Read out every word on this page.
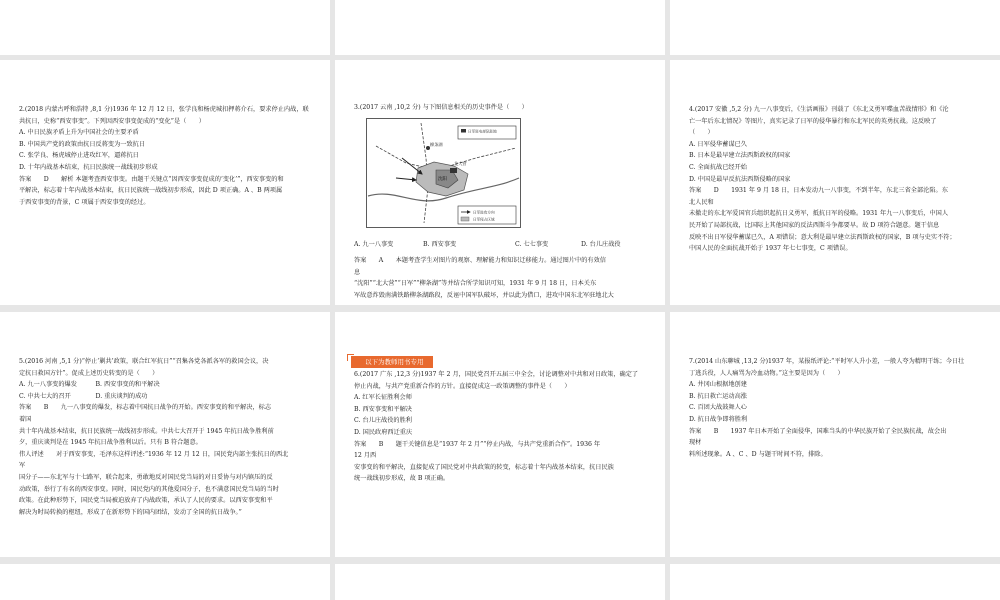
2.(2018 内蒙古呼和浩特 ,8,1 分)1936 年 12 月 12 日，张学良和杨虎城扣押蒋介石，要求停止内战，联
共抗日，史称“西安事变”。下列因西安事变促成的“变化”是（　　）
A. 中日民族矛盾上升为中国社会的主要矛盾
B. 中国共产党的政策由抗日反蒋变为一致抗日
C. 张学良、杨虎城停止进攻红军，逼蒋抗日
D. 十年内战基本结束，抗日民族统一战线初步形成
答案　　D　　解析 本题考查西安事变。由题干关键点“因西安事变促成的‘变化’”，西安事变的和
平解决，标志着十年内战基本结束，抗日民族统一战线初步形成，因此 D 项正确。A 、B 两项属
于西安事变的背景，C 项属于西安事变的经过。
3.(2017 云南 ,10,2 分) 与下图信息相关的历史事件是（　　）
北大营
柳条湖
沈阳
日军驻屯部队驻地
日军进攻方向
日军侵占区域
A. 九一八事变	B. 西安事变	C. 七七事变	D. 台儿庄战役
答案　　A　　本题考查学生对图片的观察、理解能力和知识迁移能力。通过图片中的有效信
息
“沈阳”“北大营”“日军”“柳条湖”等并结合所学知识可知，1931 年 9 月 18 日，日本关东
军故意炸毁南满铁路柳条湖路段，反诬中国军队破坏，并以此为借口，进攻中国东北军驻地北大
4.(2017 安徽 ,5,2 分) 九一八事变后，《生活画报》刊载了《东北义勇军喋血苦战情形》和《沦
亡一年后东北情况》等图片，真实记录了日军的侵华暴行和东北军民的英勇抗战。这反映了
（　　）
A. 日军侵华蓄谋已久
B. 日本是最早建立法西斯政权的国家
C. 全面抗战已经开始
D. 中国是最早反抗法西斯侵略的国家
答案　　D　　1931 年 9 月 18 日，日本发动九一八事变，不到半年，东北三省全部沦陷。东
北人民和
未撤走的东北军爱国官兵组织起抗日义勇军，抵抗日军的侵略。1931 年九一八事变后，中国人
民开始了局部抗战，比国际上其他国家的反法西斯斗争都要早。故 D 项符合题意。题干信息
反映不出日军侵华蓄谋已久，A 项错误；意大利是最早建立法西斯政权的国家，B 项与史实不符；
中国人民的全面抗战开始于 1937 年七七事变，C 项错误。
5.(2016 河南 ,5,1 分)“停止‘剿共’政策，联合红军抗日”“召集各党各派各军的救国会议，决
定抗日救国方针”。促成上述历史转变的是（　　）
A. 九一八事变的爆发　　　B. 西安事变的和平解决
C. 中共七大的召开　　　　D. 重庆谈判的成功
答案　　B　　九一八事变的爆发，标志着中国抗日战争的开始。西安事变的和平解决，标志
着国
共十年内战基本结束，抗日民族统一战线初步形成。中共七大召开于 1945 年抗日战争胜利前
夕，重庆谈判是在 1945 年抗日战争胜利以后。只有 B 符合题意。
伟人评述　　对于西安事变，毛泽东这样评述:“1936 年 12 月 12 日，国民党内部主张抗日的西北
军
国分子——东北军与十七路军，联合起来，勇敢地反对国民党当局的对日妥协与对内镇压的反
动政策，举行了有名的西安事变。同时，国民党内的其他爱国分子，也不满意国民党当局的当时
政策。在此种形势下，国民党当局被迫放弃了内战政策，承认了人民的要求。以西安事变和平
解决为时局转换的枢纽，形成了在新形势下的国内团结，发动了全国的抗日战争。”
以下为教师用书专用
6.(2017 广东 ,12,3 分)1937 年 2 月，国民党召开五届三中全会，讨论调整对中共和对日政策，确定了
停止内战，与共产党重新合作的方针。直接促成这一政策调整的事件是（　　）
A. 红军长征胜利会师
B. 西安事变和平解决
C. 台儿庄战役的胜利
D. 国民政府西迁重庆
答案　　B　　题干关键信息是“1937 年 2 月”“停止内战，与共产党重新合作”。1936 年
12 月西
安事变的和平解决，直接促成了国民党对中共政策的转变，标志着十年内战基本结束，抗日民族
统一战线初步形成，故 B 项正确。
7.(2014 山东聊城 ,13,2 分)1937 年，某报纸评论:“平时军人升小差，一般人夸为精明干练；今日壮
丁逃兵役，人人痛骂为冷血动物。”这主要是因为（　　）
A. 井冈山根据地创建
B. 抗日救亡运动高涨
C. 百团大战鼓舞人心
D. 抗日战争即将胜利
答案　　B　　1937 年日本开始了全面侵华，国难当头的中华民族开始了全民族抗战，故会出
现材
料所述现象。A 、C 、D 与题干时间不符，排除。
